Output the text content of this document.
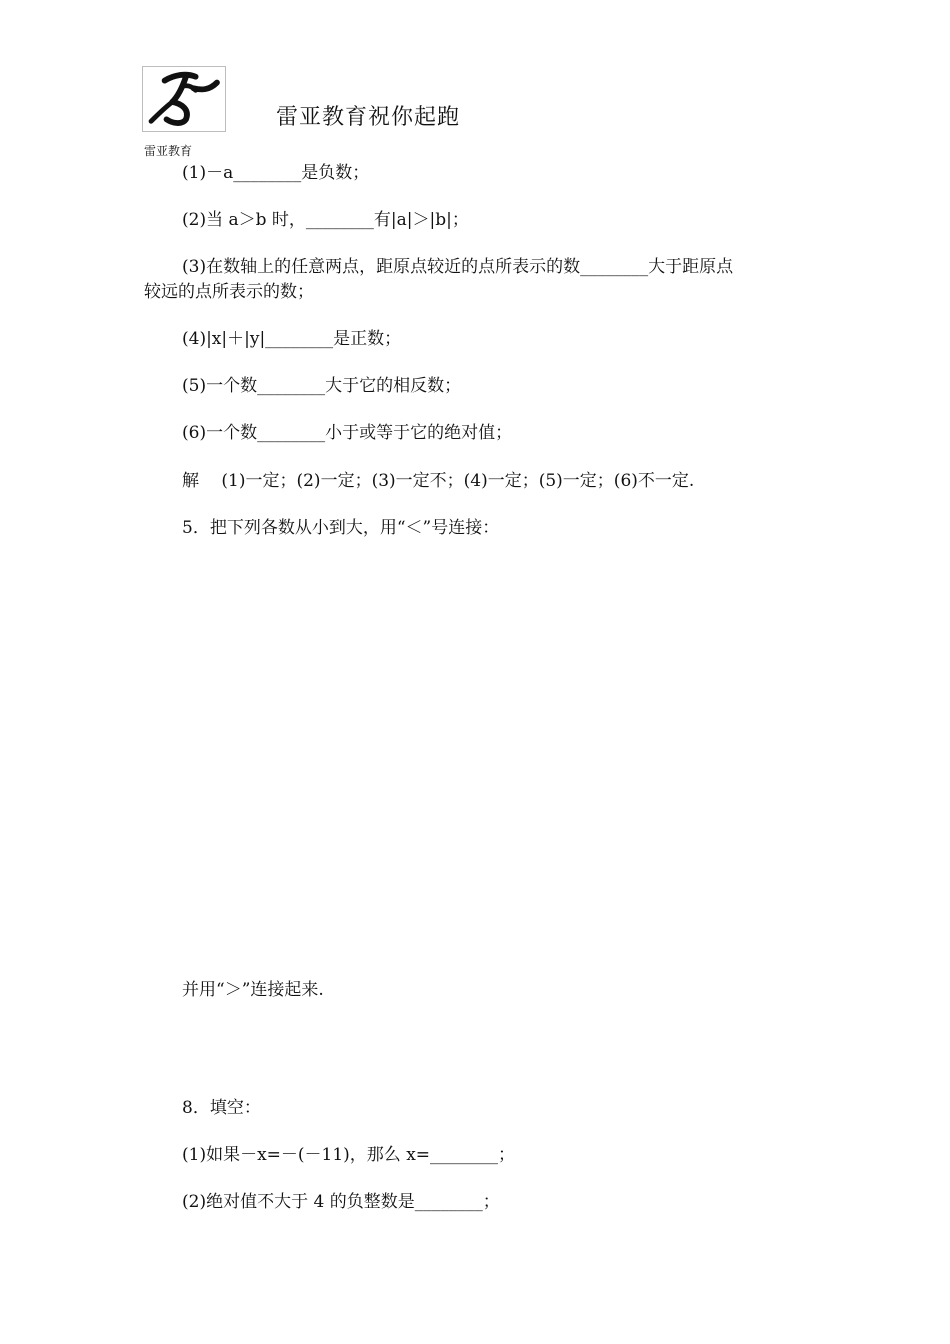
雷亚教育
雷亚教育祝你起跑
(1)－a________是负数；
(2)当 a＞b 时，________有|a|＞|b|；
(3)在数轴上的任意两点，距原点较近的点所表示的数________大于距原点
较远的点所表示的数；
(4)|x|＋|y|________是正数；
(5)一个数________大于它的相反数；
(6)一个数________小于或等于它的绝对值；
解　 (1)一定；(2)一定；(3)一定不；(4)一定；(5)一定；(6)不一定.
5．把下列各数从小到大，用“＜”号连接：
并用“＞”连接起来.
8．填空：
(1)如果－x=－(－11)，那么 x=________；
(2)绝对值不大于 4 的负整数是________；
